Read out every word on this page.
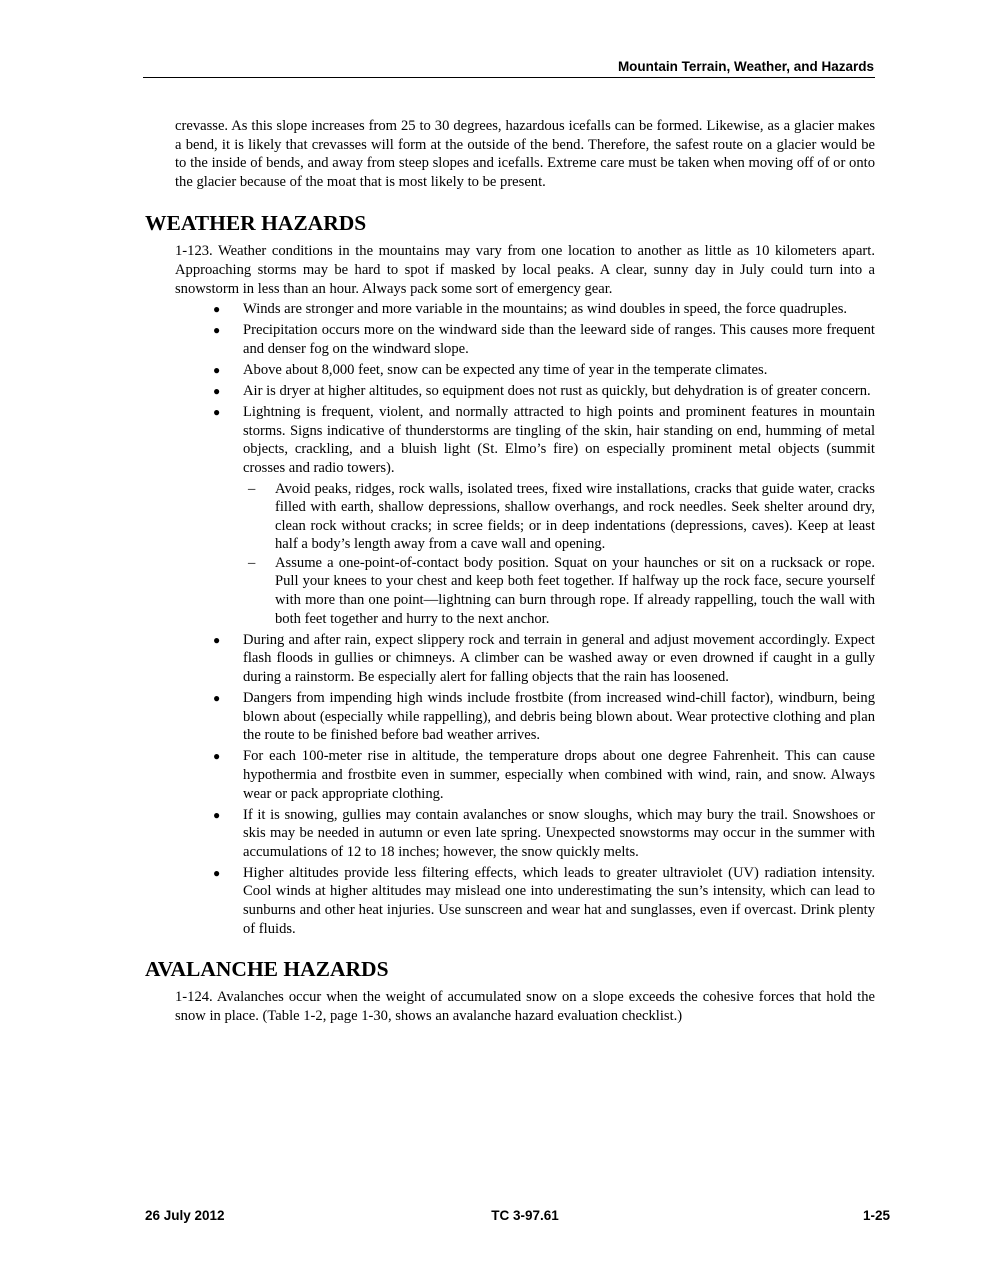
Mountain Terrain, Weather, and Hazards

crevasse. As this slope increases from 25 to 30 degrees, hazardous icefalls can be formed. Likewise, as a glacier makes a bend, it is likely that crevasses will form at the outside of the bend. Therefore, the safest route on a glacier would be to the inside of bends, and away from steep slopes and icefalls. Extreme care must be taken when moving off of or onto the glacier because of the moat that is most likely to be present.

WEATHER HAZARDS

1-123. Weather conditions in the mountains may vary from one location to another as little as 10 kilometers apart. Approaching storms may be hard to spot if masked by local peaks. A clear, sunny day in July could turn into a snowstorm in less than an hour. Always pack some sort of emergency gear.

● Winds are stronger and more variable in the mountains; as wind doubles in speed, the force quadruples.
● Precipitation occurs more on the windward side than the leeward side of ranges. This causes more frequent and denser fog on the windward slope.
● Above about 8,000 feet, snow can be expected any time of year in the temperate climates.
● Air is dryer at higher altitudes, so equipment does not rust as quickly, but dehydration is of greater concern.
● Lightning is frequent, violent, and normally attracted to high points and prominent features in mountain storms. Signs indicative of thunderstorms are tingling of the skin, hair standing on end, humming of metal objects, crackling, and a bluish light (St. Elmo’s fire) on especially prominent metal objects (summit crosses and radio towers).
– Avoid peaks, ridges, rock walls, isolated trees, fixed wire installations, cracks that guide water, cracks filled with earth, shallow depressions, shallow overhangs, and rock needles. Seek shelter around dry, clean rock without cracks; in scree fields; or in deep indentations (depressions, caves). Keep at least half a body’s length away from a cave wall and opening.
– Assume a one-point-of-contact body position. Squat on your haunches or sit on a rucksack or rope. Pull your knees to your chest and keep both feet together. If halfway up the rock face, secure yourself with more than one point—lightning can burn through rope. If already rappelling, touch the wall with both feet together and hurry to the next anchor.
● During and after rain, expect slippery rock and terrain in general and adjust movement accordingly. Expect flash floods in gullies or chimneys. A climber can be washed away or even drowned if caught in a gully during a rainstorm. Be especially alert for falling objects that the rain has loosened.
● Dangers from impending high winds include frostbite (from increased wind-chill factor), windburn, being blown about (especially while rappelling), and debris being blown about. Wear protective clothing and plan the route to be finished before bad weather arrives.
● For each 100-meter rise in altitude, the temperature drops about one degree Fahrenheit. This can cause hypothermia and frostbite even in summer, especially when combined with wind, rain, and snow. Always wear or pack appropriate clothing.
● If it is snowing, gullies may contain avalanches or snow sloughs, which may bury the trail. Snowshoes or skis may be needed in autumn or even late spring. Unexpected snowstorms may occur in the summer with accumulations of 12 to 18 inches; however, the snow quickly melts.
● Higher altitudes provide less filtering effects, which leads to greater ultraviolet (UV) radiation intensity. Cool winds at higher altitudes may mislead one into underestimating the sun’s intensity, which can lead to sunburns and other heat injuries. Use sunscreen and wear hat and sunglasses, even if overcast. Drink plenty of fluids.
AVALANCHE HAZARDS

1-124. Avalanches occur when the weight of accumulated snow on a slope exceeds the cohesive forces that hold the snow in place. (Table 1-2, page 1-30, shows an avalanche hazard evaluation checklist.)

26 July 2012	TC 3-97.61	1-25
